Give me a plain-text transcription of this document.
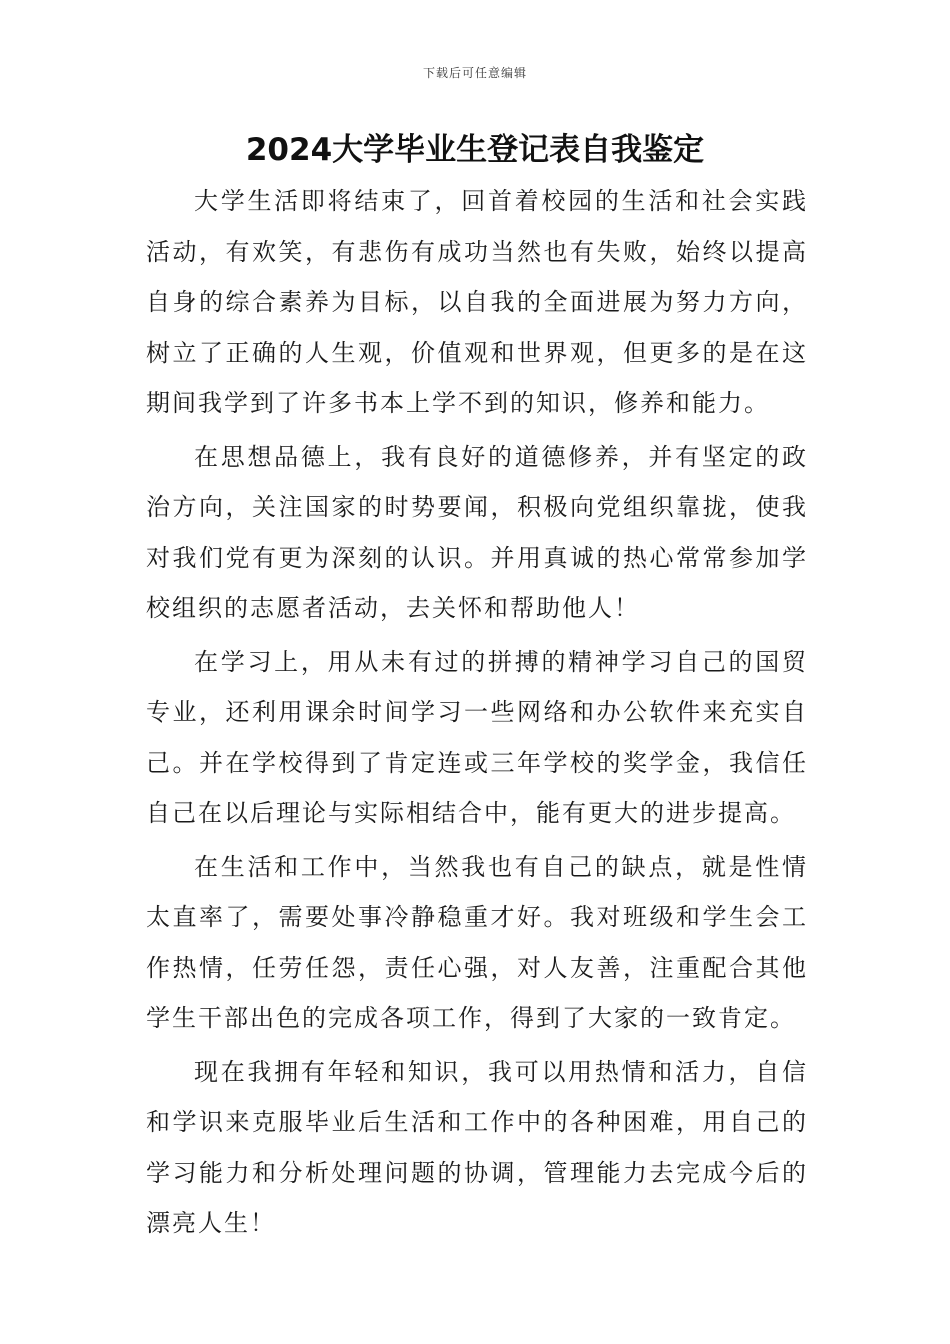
下载后可任意编辑
2024大学毕业生登记表自我鉴定

大学生活即将结束了，回首着校园的生活和社会实践活动，有欢笑，有悲伤有成功当然也有失败，始终以提高自身的综合素养为目标，以自我的全面进展为努力方向，树立了正确的人生观，价值观和世界观，但更多的是在这期间我学到了许多书本上学不到的知识，修养和能力。

在思想品德上，我有良好的道德修养，并有坚定的政治方向，关注国家的时势要闻，积极向党组织靠拢，使我对我们党有更为深刻的认识。并用真诚的热心常常参加学校组织的志愿者活动，去关怀和帮助他人！

在学习上，用从未有过的拼搏的精神学习自己的国贸专业，还利用课余时间学习一些网络和办公软件来充实自己。并在学校得到了肯定连或三年学校的奖学金，我信任自己在以后理论与实际相结合中，能有更大的进步提高。

在生活和工作中，当然我也有自己的缺点，就是性情太直率了，需要处事冷静稳重才好。我对班级和学生会工作热情，任劳任怨，责任心强，对人友善，注重配合其他学生干部出色的完成各项工作，得到了大家的一致肯定。

现在我拥有年轻和知识，我可以用热情和活力，自信和学识来克服毕业后生活和工作中的各种困难，用自己的学习能力和分析处理问题的协调，管理能力去完成今后的漂亮人生！
